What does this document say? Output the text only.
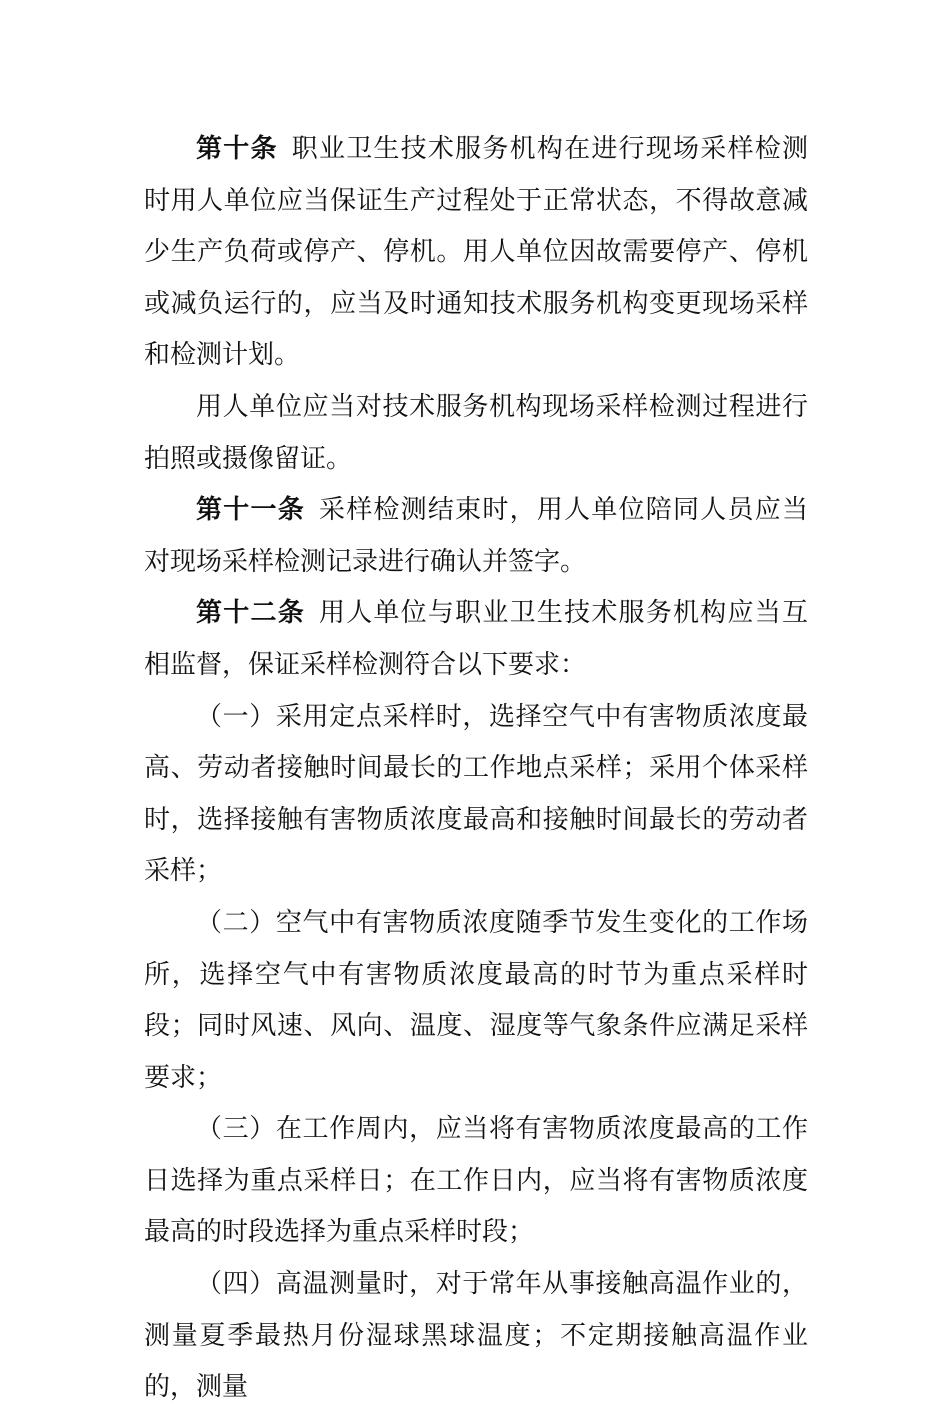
第十条 职业卫生技术服务机构在进行现场采样检测时用人单位应当保证生产过程处于正常状态，不得故意减少生产负荷或停产、停机。用人单位因故需要停产、停机或减负运行的，应当及时通知技术服务机构变更现场采样和检测计划。

用人单位应当对技术服务机构现场采样检测过程进行拍照或摄像留证。

第十一条 采样检测结束时，用人单位陪同人员应当对现场采样检测记录进行确认并签字。

第十二条 用人单位与职业卫生技术服务机构应当互相监督，保证采样检测符合以下要求：

（一）采用定点采样时，选择空气中有害物质浓度最高、劳动者接触时间最长的工作地点采样；采用个体采样时，选择接触有害物质浓度最高和接触时间最长的劳动者采样；

（二）空气中有害物质浓度随季节发生变化的工作场所，选择空气中有害物质浓度最高的时节为重点采样时段；同时风速、风向、温度、湿度等气象条件应满足采样要求；

（三）在工作周内，应当将有害物质浓度最高的工作日选择为重点采样日；在工作日内，应当将有害物质浓度最高的时段选择为重点采样时段；

（四）高温测量时，对于常年从事接触高温作业的，测量夏季最热月份湿球黑球温度；不定期接触高温作业的，测量
